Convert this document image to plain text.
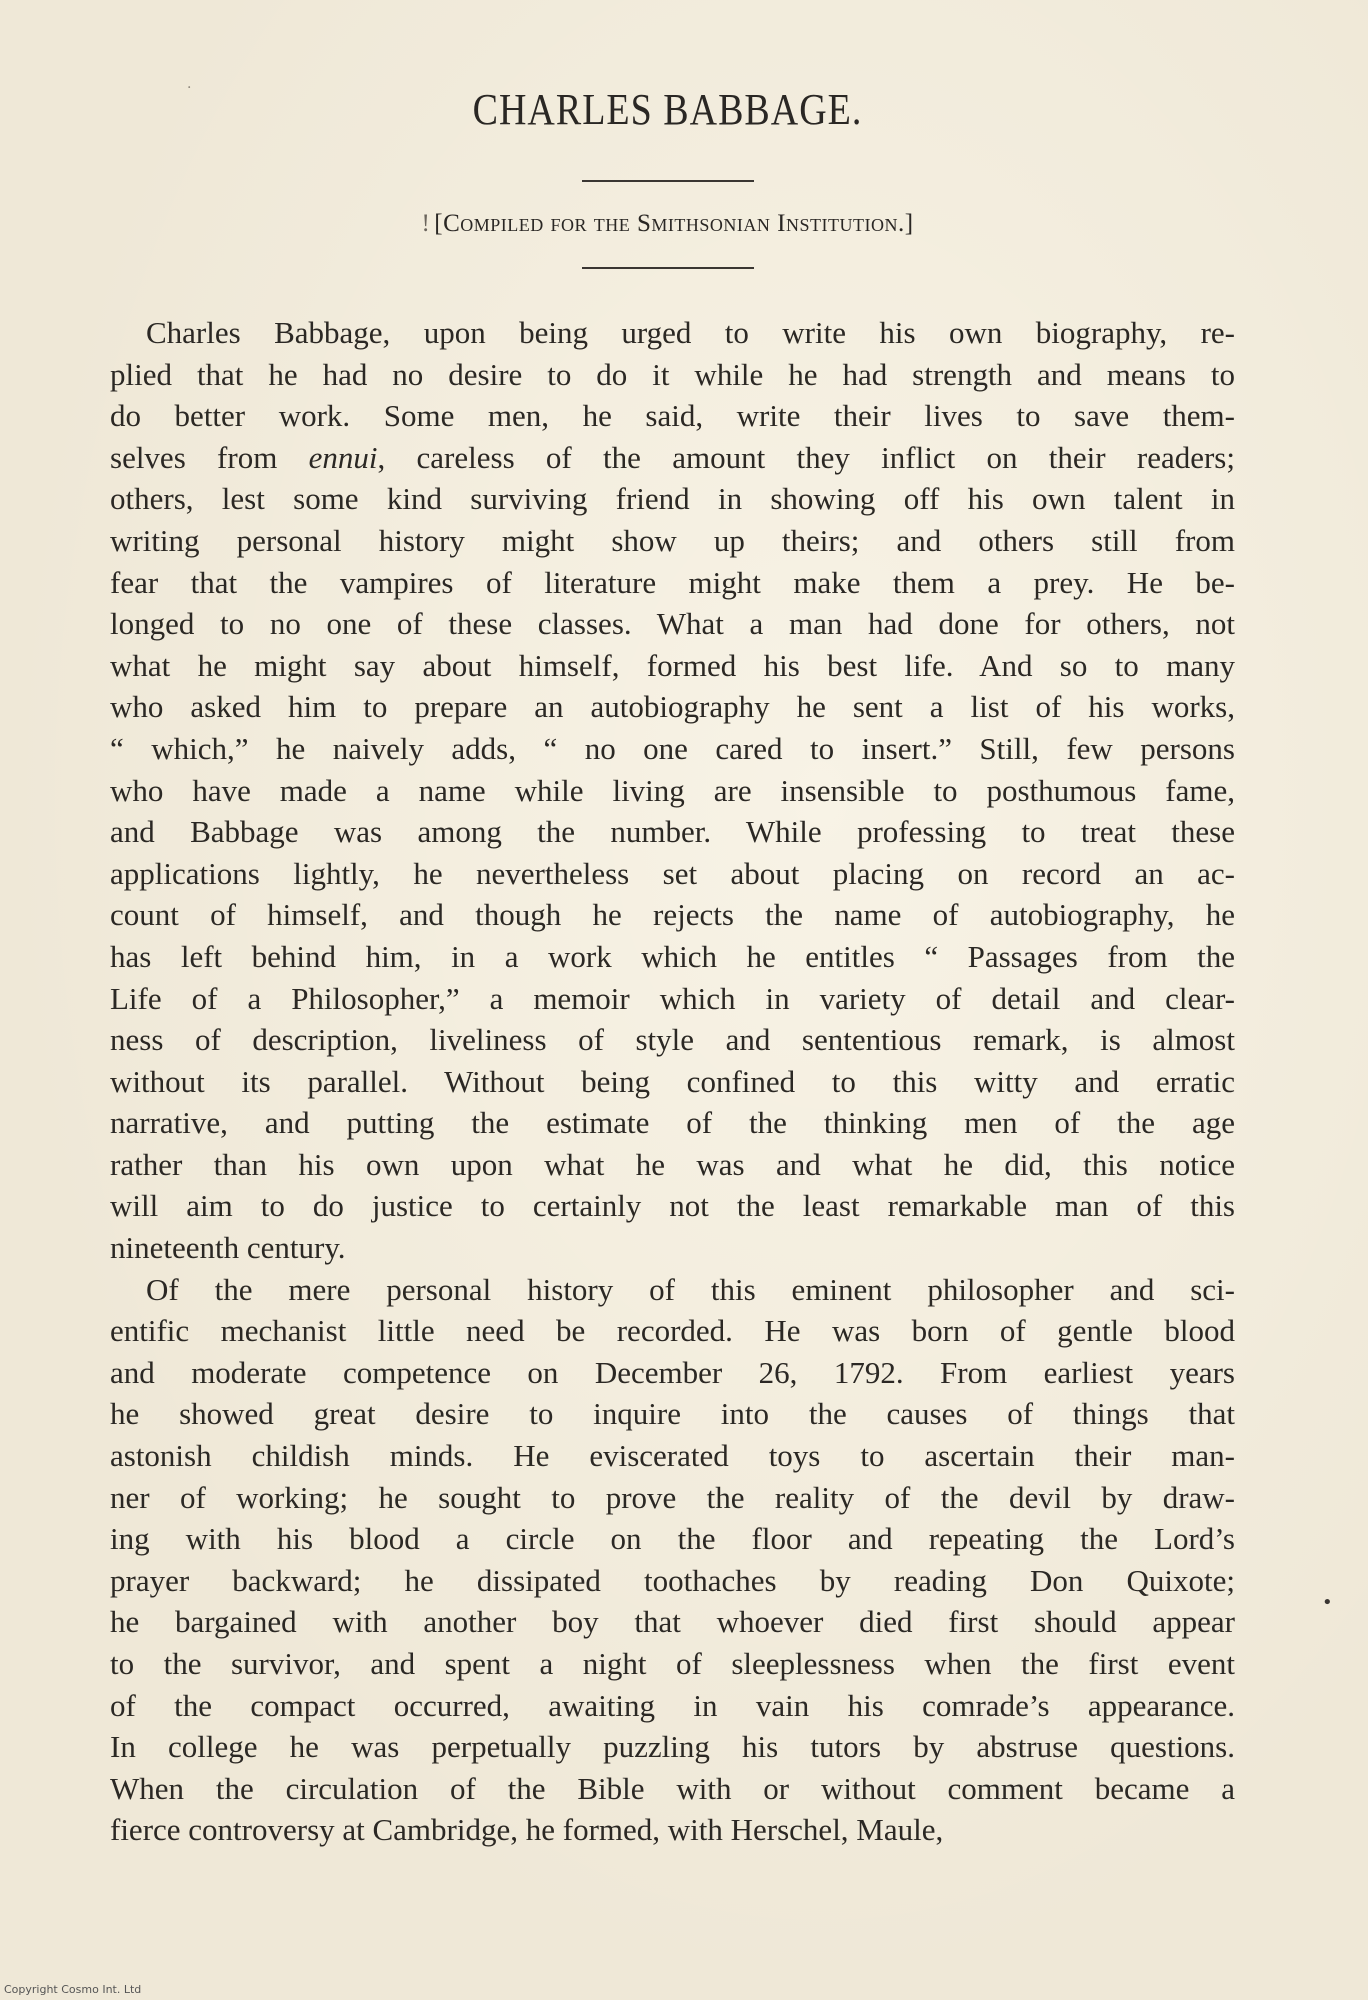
CHARLES BABBAGE.
! [Compiled for the Smithsonian Institution.]
Charles Babbage, upon being urged to write his own biography, re-
plied that he had no desire to do it while he had strength and means to
do better work. Some men, he said, write their lives to save them-
selves from ennui, careless of the amount they inflict on their readers;
others, lest some kind surviving friend in showing off his own talent in
writing personal history might show up theirs; and others still from
fear that the vampires of literature might make them a prey. He be-
longed to no one of these classes. What a man had done for others, not
what he might say about himself, formed his best life. And so to many
who asked him to prepare an autobiography he sent a list of his works,
“ which,” he naively adds, “ no one cared to insert.” Still, few persons
who have made a name while living are insensible to posthumous fame,
and Babbage was among the number. While professing to treat these
applications lightly, he nevertheless set about placing on record an ac-
count of himself, and though he rejects the name of autobiography, he
has left behind him, in a work which he entitles “ Passages from the
Life of a Philosopher,” a memoir which in variety of detail and clear-
ness of description, liveliness of style and sententious remark, is almost
without its parallel. Without being confined to this witty and erratic
narrative, and putting the estimate of the thinking men of the age
rather than his own upon what he was and what he did, this notice
will aim to do justice to certainly not the least remarkable man of this
nineteenth century.
Of the mere personal history of this eminent philosopher and sci-
entific mechanist little need be recorded. He was born of gentle blood
and moderate competence on December 26, 1792. From earliest years
he showed great desire to inquire into the causes of things that
astonish childish minds. He eviscerated toys to ascertain their man-
ner of working; he sought to prove the reality of the devil by draw-
ing with his blood a circle on the floor and repeating the Lord’s
prayer backward; he dissipated toothaches by reading Don Quixote;
he bargained with another boy that whoever died first should appear
to the survivor, and spent a night of sleeplessness when the first event
of the compact occurred, awaiting in vain his comrade’s appearance.
In college he was perpetually puzzling his tutors by abstruse questions.
When the circulation of the Bible with or without comment became a
fierce controversy at Cambridge, he formed, with Herschel, Maule,
·
•
Copyright Cosmo Int. Ltd
